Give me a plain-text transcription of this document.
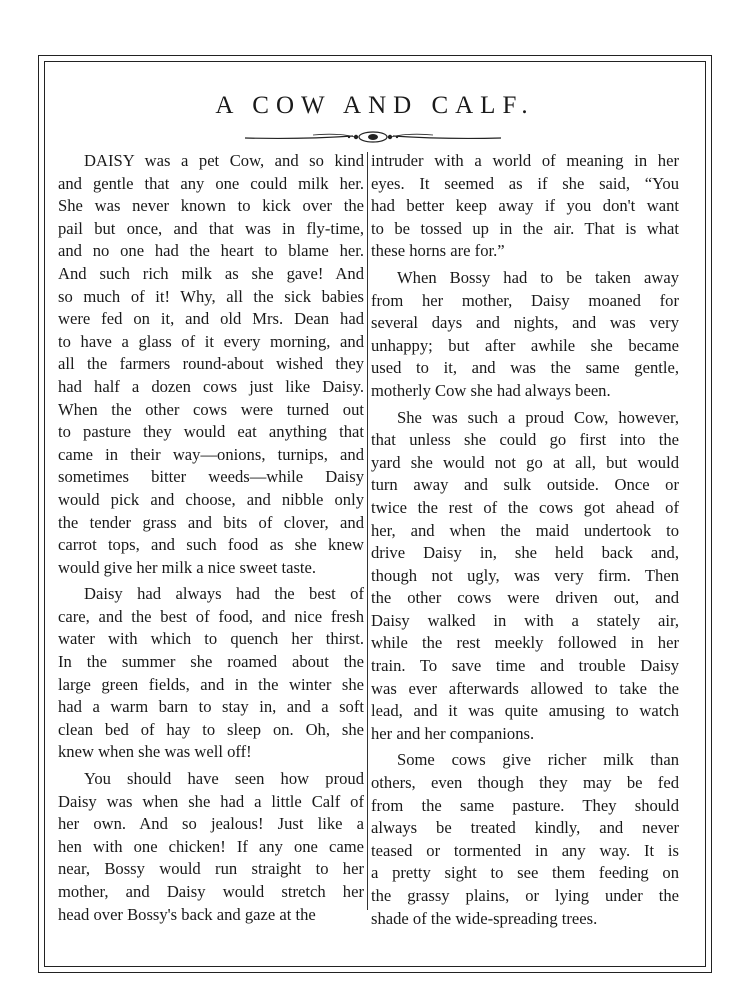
A COW AND CALF.
DAISY was a pet Cow, and so kind
and gentle that any one could milk her.
She was never known to kick over the
pail but once, and that was in fly-time,
and no one had the heart to blame her.
And such rich milk as she gave! And
so much of it! Why, all the sick babies
were fed on it, and old Mrs. Dean had
to have a glass of it every morning, and
all the farmers round-about wished they
had half a dozen cows just like Daisy.
When the other cows were turned out
to pasture they would eat anything that
came in their way—onions, turnips, and
sometimes bitter weeds—while Daisy
would pick and choose, and nibble only
the tender grass and bits of clover, and
carrot tops, and such food as she knew
would give her milk a nice sweet taste.
Daisy had always had the best of
care, and the best of food, and nice fresh
water with which to quench her thirst.
In the summer she roamed about the
large green fields, and in the winter she
had a warm barn to stay in, and a soft
clean bed of hay to sleep on. Oh, she
knew when she was well off!
You should have seen how proud
Daisy was when she had a little Calf of
her own. And so jealous! Just like a
hen with one chicken! If any one came
near, Bossy would run straight to her
mother, and Daisy would stretch her
head over Bossy's back and gaze at the
intruder with a world of meaning in her
eyes. It seemed as if she said, “You
had better keep away if you don't want
to be tossed up in the air. That is what
these horns are for.”
When Bossy had to be taken away
from her mother, Daisy moaned for
several days and nights, and was very
unhappy; but after awhile she became
used to it, and was the same gentle,
motherly Cow she had always been.
She was such a proud Cow, however,
that unless she could go first into the
yard she would not go at all, but would
turn away and sulk outside. Once or
twice the rest of the cows got ahead of
her, and when the maid undertook to
drive Daisy in, she held back and,
though not ugly, was very firm. Then
the other cows were driven out, and
Daisy walked in with a stately air,
while the rest meekly followed in her
train. To save time and trouble Daisy
was ever afterwards allowed to take the
lead, and it was quite amusing to watch
her and her companions.
Some cows give richer milk than
others, even though they may be fed
from the same pasture. They should
always be treated kindly, and never
teased or tormented in any way. It is
a pretty sight to see them feeding on
the grassy plains, or lying under the
shade of the wide-spreading trees.
